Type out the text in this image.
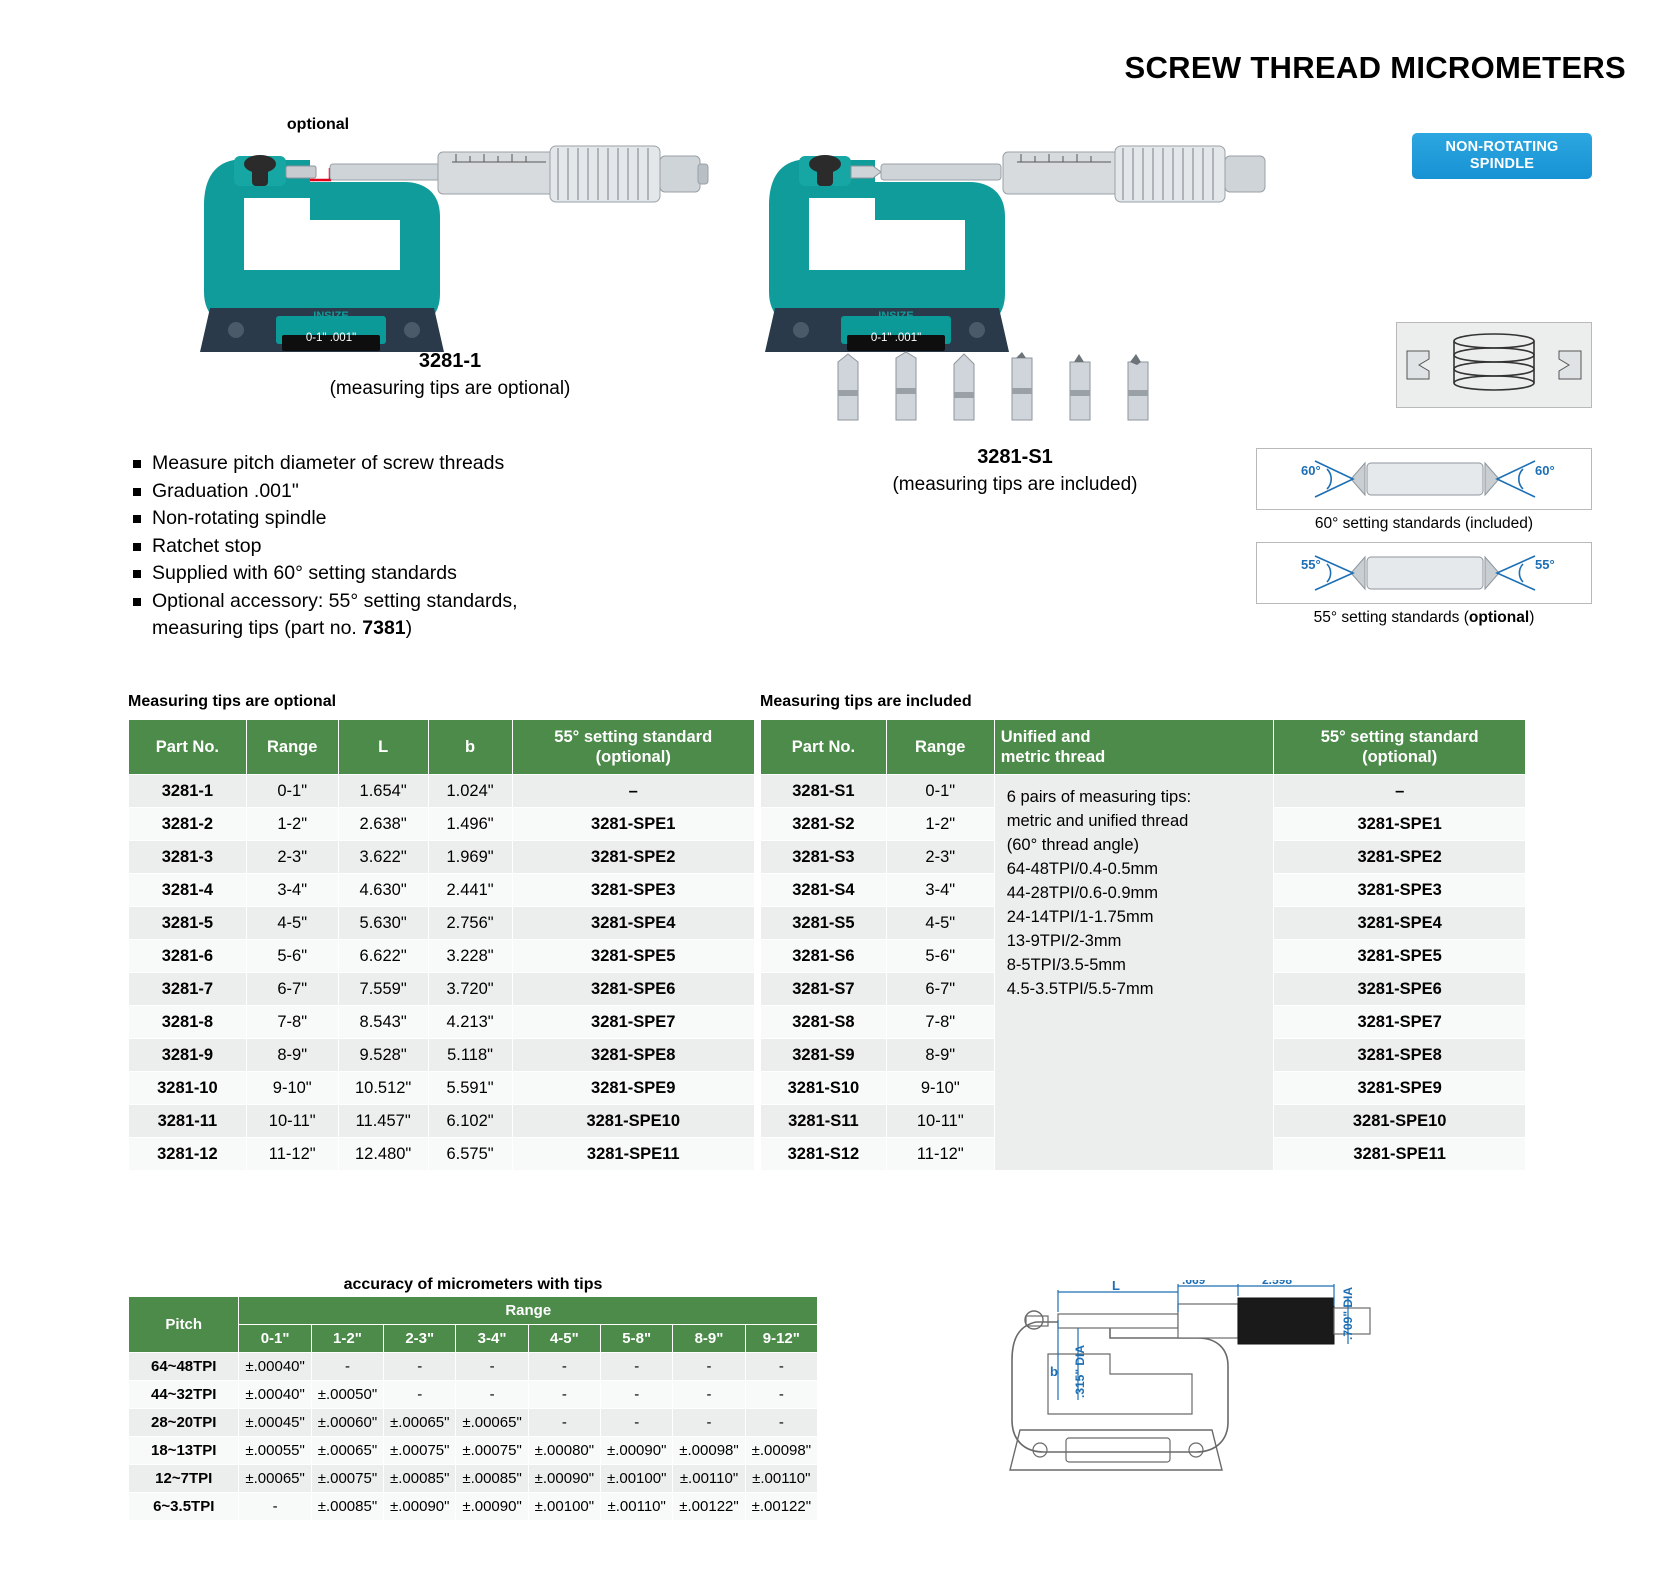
SCREW THREAD MICROMETERS
NON-ROTATING
SPINDLE
INSIZE
0-1" .001"
optional
3281-1
(measuring tips are optional)
INSIZE
0-1" .001"
3281-S1
(measuring tips are included)
Measure pitch diameter of screw threads
Graduation .001"
Non-rotating spindle
Ratchet stop
Supplied with 60° setting standards
Optional accessory: 55° setting standards,
measuring tips (part no. 7381)
60°	60°
60° setting standards (included)
55°	55°
55° setting standards (optional)
Measuring tips are optional
Part No.	Range	L	b	55° setting standard
(optional)

3281-1	0-1"	1.654"	1.024"	–
3281-2	1-2"	2.638"	1.496"	3281-SPE1
3281-3	2-3"	3.622"	1.969"	3281-SPE2
3281-4	3-4"	4.630"	2.441"	3281-SPE3
3281-5	4-5"	5.630"	2.756"	3281-SPE4
3281-6	5-6"	6.622"	3.228"	3281-SPE5
3281-7	6-7"	7.559"	3.720"	3281-SPE6
3281-8	7-8"	8.543"	4.213"	3281-SPE7
3281-9	8-9"	9.528"	5.118"	3281-SPE8
3281-10	9-10"	10.512"	5.591"	3281-SPE9
3281-11	10-11"	11.457"	6.102"	3281-SPE10
3281-12	11-12"	12.480"	6.575"	3281-SPE11
Measuring tips are included
Part No.	Range	
Unified and
metric thread

55° setting standard
(optional)

3281-S1	0-1"	6 pairs of measuring tips:
metric and unified thread
(60° thread angle)
64-48TPI/0.4-0.5mm
44-28TPI/0.6-0.9mm
24-14TPI/1-1.75mm
13-9TPI/2-3mm
8-5TPI/3.5-5mm
4.5-3.5TPI/5.5-7mm
	–
3281-S2	1-2"		3281-SPE1
3281-S3	2-3"		3281-SPE2
3281-S4	3-4"		3281-SPE3
3281-S5	4-5"		3281-SPE4
3281-S6	5-6"		3281-SPE5
3281-S7	6-7"		3281-SPE6
3281-S8	7-8"		3281-SPE7
3281-S9	8-9"		3281-SPE8
3281-S10	9-10"		3281-SPE9
3281-S11	10-11"		3281-SPE10
3281-S12	11-12"		3281-SPE11
accuracy of micrometers with tips
Pitch	Range							
	0-1"	1-2"	2-3"	3-4"	4-5"	5-8"	8-9"	9-12"
64~48TPI	±.00040"	-	-	-	-	-	-	-
44~32TPI	±.00040"	±.00050"	-	-	-	-	-	-
28~20TPI	±.00045"	±.00060"	±.00065"	±.00065"	-	-	-	-
18~13TPI	±.00055"	±.00065"	±.00075"	±.00075"	±.00080"	±.00090"	±.00098"	±.00098"
12~7TPI	±.00065"	±.00075"	±.00085"	±.00085"	±.00090"	±.00100"	±.00110"	±.00110"
6~3.5TPI	-	±.00085"	±.00090"	±.00090"	±.00100"	±.00110"	±.00122"	±.00122"
L	.669"	2.598"
.709" DIA
.315" DIA
b
